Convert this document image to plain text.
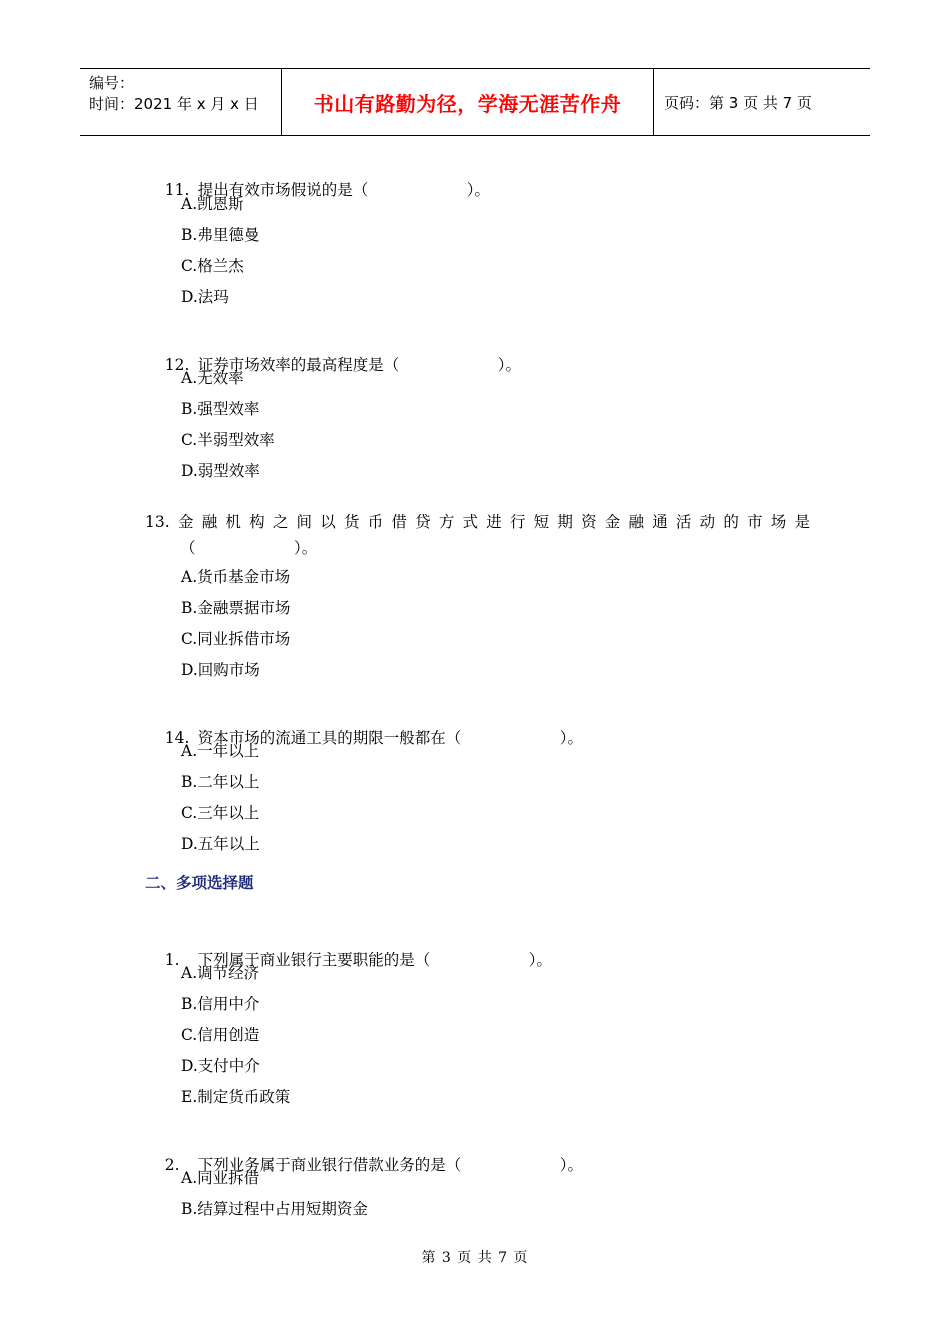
编号：
时间：2021 年 x 月 x 日	书山有路勤为径，学海无涯苦作舟	页码：第 3 页 共 7 页

11. 提出有效市场假说的是（                    ）。

A.凯恩斯
B.弗里德曼
C.格兰杰
D.法玛

12. 证券市场效率的最高程度是（                    ）。

A.无效率
B.强型效率
C.半弱型效率
D.弱型效率
13. 金融机构之间以货币借贷方式进行短期资金融通活动的市场是
（                    ）。
A.货币基金市场
B.金融票据市场
C.同业拆借市场
D.回购市场

14. 资本市场的流通工具的期限一般都在（                    ）。

A.一年以上
B.二年以上
C.三年以上
D.五年以上
二、多项选择题

1. 下列属于商业银行主要职能的是（                    ）。

A.调节经济
B.信用中介
C.信用创造
D.支付中介
E.制定货币政策

2. 下列业务属于商业银行借款业务的是（                    ）。

A.同业拆借
B.结算过程中占用短期资金
第 3 页 共 7 页
